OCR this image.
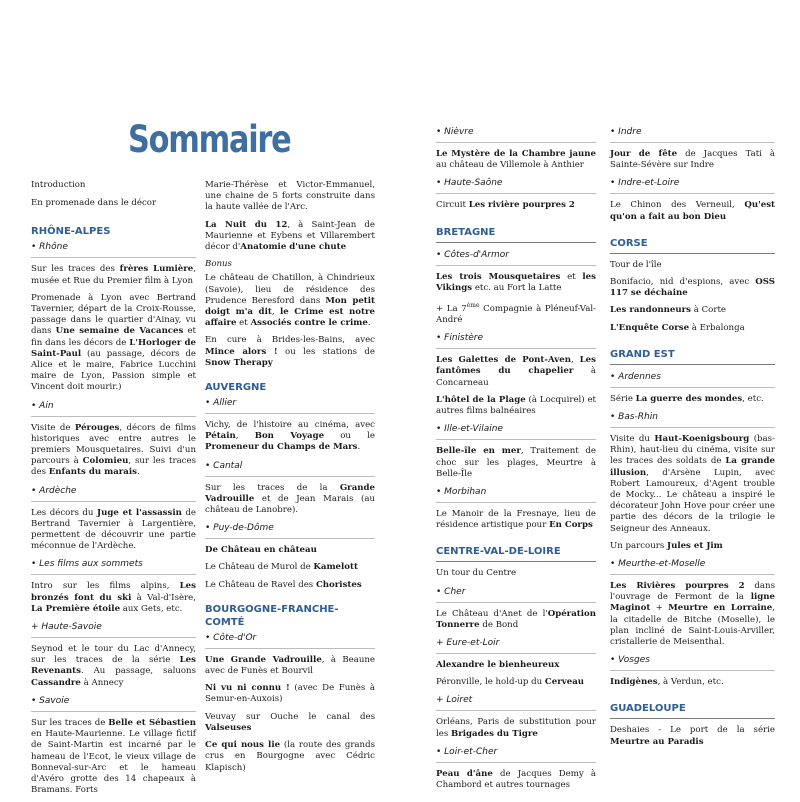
Sommaire

Introduction

En promenade dans le décor

RHÔNE-ALPES
• Rhône

Sur les traces des frères Lumière, musée et Rue du Premier film à Lyon

Promenade à Lyon avec Bertrand Tavernier, départ de la Croix-Rousse, passage dans le quartier d'Ainay, vu dans Une semaine de Vacances et fin dans les décors de L'Horloger de Saint-Paul (au passage, décors de Alice et le maire, Fabrice Lucchini maire de Lyon, Passion simple et Vincent doit mourir.)

• Ain

Visite de Pérouges, décors de films historiques avec entre autres le premiers Mousquetaires. Suivi d'un parcours à Colomieu, sur les traces des Enfants du marais.

• Ardèche

Les décors du Juge et l'assassin de Bertrand Tavernier à Largentière, permettent de découvrir une partie méconnue de l'Ardèche.

• Les films aux sommets

Intro sur les films alpins, Les bronzés font du ski à Val-d'Isère, La Première étoile aux Gets, etc.

+ Haute-Savoie

Seynod et le tour du Lac d'Annecy, sur les traces de la série Les Revenants. Au passage, saluons Cassandre à Annecy

• Savoie

Sur les traces de Belle et Sébastien en Haute-Maurienne. Le village fictif de Saint-Martin est incarné par le hameau de l'Ecot, le vieux village de Bonneval-sur-Arc et le hameau d'Avéro grotte des 14 chapeaux à Bramans. Forts

Marie-Thérèse et Victor-Emmanuel, une chaine de 5 forts construite dans la haute vallée de l'Arc.

La Nuit du 12, à Saint-Jean de Maurienne et Eybens et Villarembert décor d'Anatomie d'une chute

Bonus

Le château de Chatillon, à Chindrieux (Savoie), lieu de résidence des Prudence Beresford dans Mon petit doigt m'a dit, le Crime est notre affaire et Associés contre le crime.

En cure à Brides-les-Bains, avec Mince alors ! ou les stations de Snow Therapy

AUVERGNE
• Allier

Vichy, de l'histoire au cinéma, avec Pétain, Bon Voyage ou le Promeneur du Champs de Mars.

• Cantal

Sur les traces de la Grande Vadrouille et de Jean Marais (au château de Lanobre).

• Puy-de-Dôme

De Château en château

Le Château de Murol de Kamelott

Le Château de Ravel des Choristes

BOURGOGNE-FRANCHE-COMTÉ
• Côte-d'Or

Une Grande Vadrouille, à Beaune avec de Funès et Bourvil

Ni vu ni connu ! (avec De Funès à Semur-en-Auxois)

Veuvay sur Ouche le canal des Valseuses

Ce qui nous lie (la route des grands crus en Bourgogne avec Cédric Klapisch)

• Nièvre

Le Mystère de la Chambre jaune au château de Villemole à Anthier

• Haute-Saône

Circuit Les rivière pourpres 2

BRETAGNE
• Côtes-d'Armor

Les trois Mousquetaires et les Vikings etc. au Fort la Latte

+ La 7ème Compagnie à Pléneuf-Val-André

• Finistère

Les Galettes de Pont-Aven, Les fantômes du chapelier à Concarneau

L'hôtel de la Plage (à Locquirel) et autres films balnéaires

• Ille-et-Vilaine

Belle-île en mer, Traitement de choc sur les plages, Meurtre à Belle-Île

• Morbihan

Le Manoir de la Fresnaye, lieu de résidence artistique pour En Corps

CENTRE-VAL-DE-LOIRE

Un tour du Centre

• Cher

Le Château d'Anet de l'Opération Tonnerre de Bond

+ Eure-et-Loir

Alexandre le bienheureux

Péronville, le hold-up du Cerveau

+ Loiret

Orléans, Paris de substitution pour les Brigades du Tigre

• Loir-et-Cher

Peau d'âne de Jacques Demy à Chambord et autres tournages

• Indre

Jour de fête de Jacques Tati à Sainte-Sévère sur Indre

• Indre-et-Loire

Le Chinon des Verneuil, Qu'est qu'on a fait au bon Dieu

CORSE

Tour de l'île

Bonifacio, nid d'espions, avec OSS 117 se déchaine

Les randonneurs à Corte

L'Enquête Corse à Erbalonga

GRAND EST
• Ardennes

Série La guerre des mondes, etc.

• Bas-Rhin

Visite du Haut-Koenigsbourg (bas-Rhin), haut-lieu du cinéma, visite sur les traces des soldats de La grande illusion, d'Arsène Lupin, avec Robert Lamoureux, d'Agent trouble de Mocky... Le château a inspiré le décorateur John Hove pour créer une partie des décors de la trilogie le Seigneur des Anneaux.

Un parcours Jules et Jim

• Meurthe-et-Moselle

Les Rivières pourpres 2 dans l'ouvrage de Fermont de la ligne Maginot + Meurtre en Lorraine, la citadelle de Bitche (Moselle), le plan incliné de Saint-Louis-Arviller, cristallerie de Meisenthal.

• Vosges

Indigènes, à Verdun, etc.

GUADELOUPE

Deshaies - Le port de la série Meurtre au Paradis
